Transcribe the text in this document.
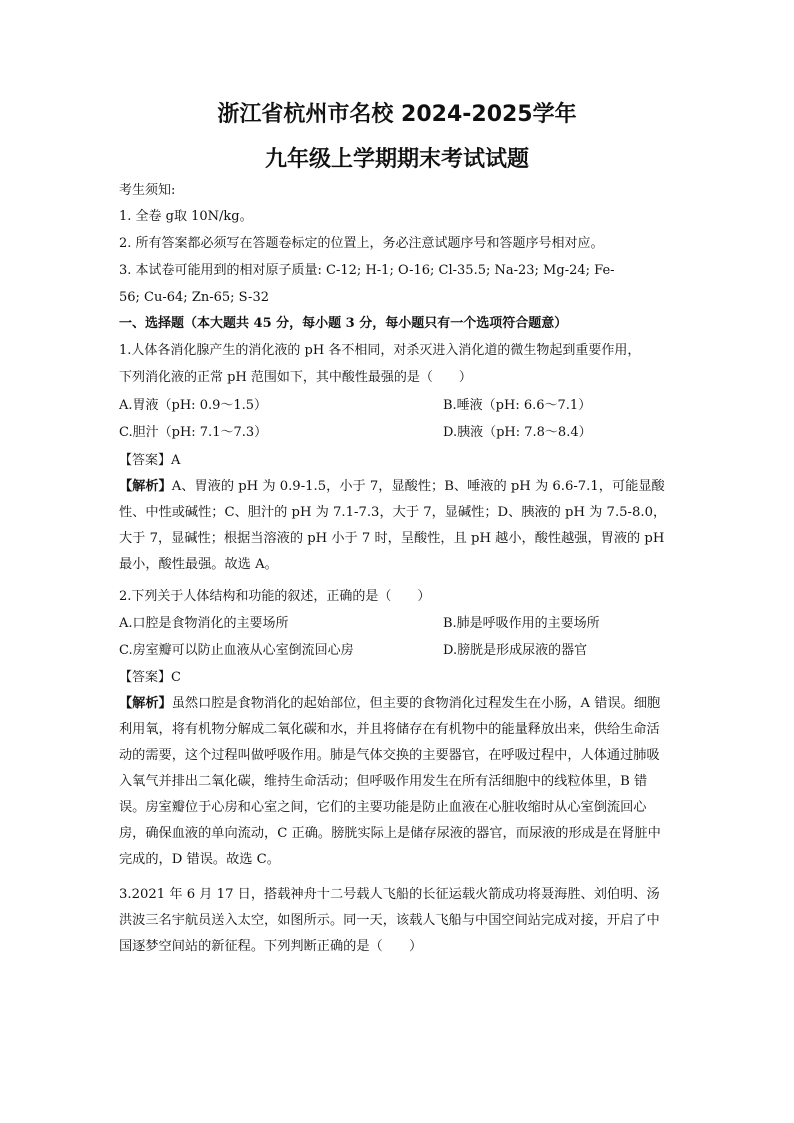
浙江省杭州市名校 2024-2025学年
九年级上学期期末考试试题
考生须知:
1. 全卷 g取 10N/kg。
2. 所有答案都必须写在答题卷标定的位置上，务必注意试题序号和答题序号相对应。
3. 本试卷可能用到的相对原子质量: C-12; H-1; O-16; Cl-35.5; Na-23; Mg-24; Fe-
56; Cu-64; Zn-65; S-32
一、选择题（本大题共 45 分，每小题 3 分，每小题只有一个选项符合题意）
1.人体各消化腺产生的消化液的 pH 各不相同，对杀灭进入消化道的微生物起到重要作用，
下列消化液的正常 pH 范围如下，其中酸性最强的是（　　）
A.胃液（pH: 0.9～1.5）	B.唾液（pH: 6.6～7.1）
C.胆汁（pH: 7.1～7.3）	D.胰液（pH: 7.8～8.4）
【答案】A
【解析】A、胃液的 pH 为 0.9-1.5，小于 7，显酸性；B、唾液的 pH 为 6.6-7.1，可能显酸性、中性或碱性；C、胆汁的 pH 为 7.1-7.3，大于 7，显碱性；D、胰液的 pH 为 7.5-8.0，大于 7，显碱性；根据当溶液的 pH 小于 7 时，呈酸性，且 pH 越小，酸性越强，胃液的 pH 最小，酸性最强。故选 A。
2.下列关于人体结构和功能的叙述，正确的是（　　）
A.口腔是食物消化的主要场所	B.肺是呼吸作用的主要场所
C.房室瓣可以防止血液从心室倒流回心房	D.膀胱是形成尿液的器官
【答案】C
【解析】虽然口腔是食物消化的起始部位，但主要的食物消化过程发生在小肠，A 错误。细胞利用氧，将有机物分解成二氧化碳和水，并且将储存在有机物中的能量释放出来，供给生命活动的需要，这个过程叫做呼吸作用。肺是气体交换的主要器官，在呼吸过程中，人体通过肺吸入氧气并排出二氧化碳，维持生命活动；但呼吸作用发生在所有活细胞中的线粒体里，B 错误。房室瓣位于心房和心室之间，它们的主要功能是防止血液在心脏收缩时从心室倒流回心房，确保血液的单向流动，C 正确。膀胱实际上是储存尿液的器官，而尿液的形成是在肾脏中完成的，D 错误。故选 C。
3.2021 年 6 月 17 日，搭载神舟十二号载人飞船的长征运载火箭成功将聂海胜、刘伯明、汤洪波三名宇航员送入太空，如图所示。同一天，该载人飞船与中国空间站完成对接，开启了中国逐梦空间站的新征程。下列判断正确的是（　　）
